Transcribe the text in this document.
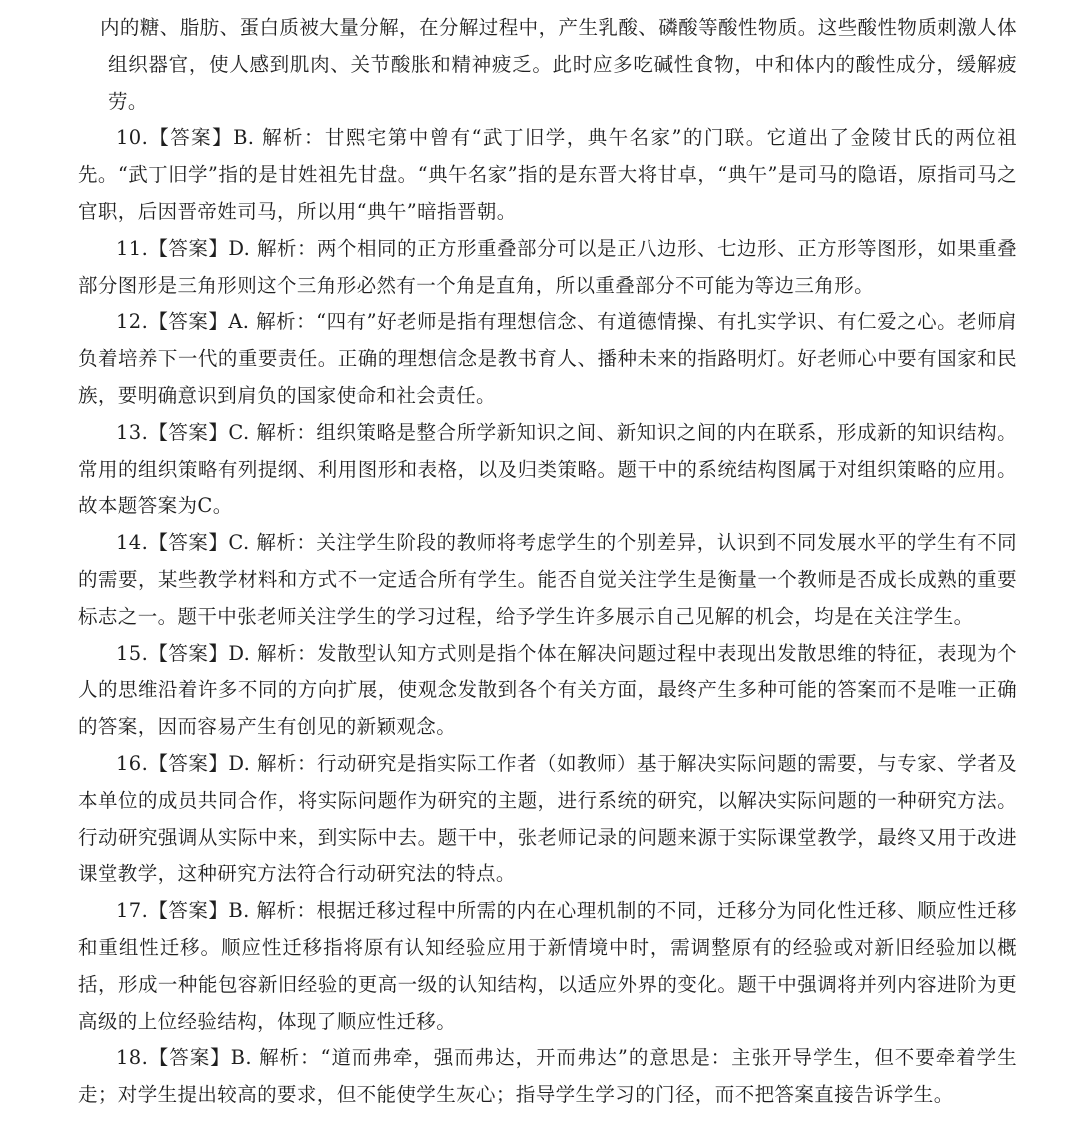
内的糖、脂肪、蛋白质被大量分解，在分解过程中，产生乳酸、磷酸等酸性物质。这些酸性物质刺激人体组织器官，使人感到肌肉、关节酸胀和精神疲乏。此时应多吃碱性食物，中和体内的酸性成分，缓解疲劳。

10.【答案】B. 解析：甘熙宅第中曾有“武丁旧学，典午名家”的门联。它道出了金陵甘氏的两位祖先。“武丁旧学”指的是甘姓祖先甘盘。“典午名家”指的是东晋大将甘卓，“典午”是司马的隐语，原指司马之官职，后因晋帝姓司马，所以用“典午”暗指晋朝。

11.【答案】D. 解析：两个相同的正方形重叠部分可以是正八边形、七边形、正方形等图形，如果重叠部分图形是三角形则这个三角形必然有一个角是直角，所以重叠部分不可能为等边三角形。

12.【答案】A. 解析：“四有”好老师是指有理想信念、有道德情操、有扎实学识、有仁爱之心。老师肩负着培养下一代的重要责任。正确的理想信念是教书育人、播种未来的指路明灯。好老师心中要有国家和民族，要明确意识到肩负的国家使命和社会责任。

13.【答案】C. 解析：组织策略是整合所学新知识之间、新知识之间的内在联系，形成新的知识结构。常用的组织策略有列提纲、利用图形和表格，以及归类策略。题干中的系统结构图属于对组织策略的应用。故本题答案为C。

14.【答案】C. 解析：关注学生阶段的教师将考虑学生的个别差异，认识到不同发展水平的学生有不同的需要，某些教学材料和方式不一定适合所有学生。能否自觉关注学生是衡量一个教师是否成长成熟的重要标志之一。题干中张老师关注学生的学习过程，给予学生许多展示自己见解的机会，均是在关注学生。

15.【答案】D. 解析：发散型认知方式则是指个体在解决问题过程中表现出发散思维的特征，表现为个人的思维沿着许多不同的方向扩展，使观念发散到各个有关方面，最终产生多种可能的答案而不是唯一正确的答案，因而容易产生有创见的新颖观念。

16.【答案】D. 解析：行动研究是指实际工作者（如教师）基于解决实际问题的需要，与专家、学者及本单位的成员共同合作，将实际问题作为研究的主题，进行系统的研究，以解决实际问题的一种研究方法。行动研究强调从实际中来，到实际中去。题干中，张老师记录的问题来源于实际课堂教学，最终又用于改进课堂教学，这种研究方法符合行动研究法的特点。

17.【答案】B. 解析：根据迁移过程中所需的内在心理机制的不同，迁移分为同化性迁移、顺应性迁移和重组性迁移。顺应性迁移指将原有认知经验应用于新情境中时，需调整原有的经验或对新旧经验加以概括，形成一种能包容新旧经验的更高一级的认知结构，以适应外界的变化。题干中强调将并列内容进阶为更高级的上位经验结构，体现了顺应性迁移。

18.【答案】B. 解析：“道而弗牵，强而弗达，开而弗达”的意思是：主张开导学生，但不要牵着学生走；对学生提出较高的要求，但不能使学生灰心；指导学生学习的门径，而不把答案直接告诉学生。
